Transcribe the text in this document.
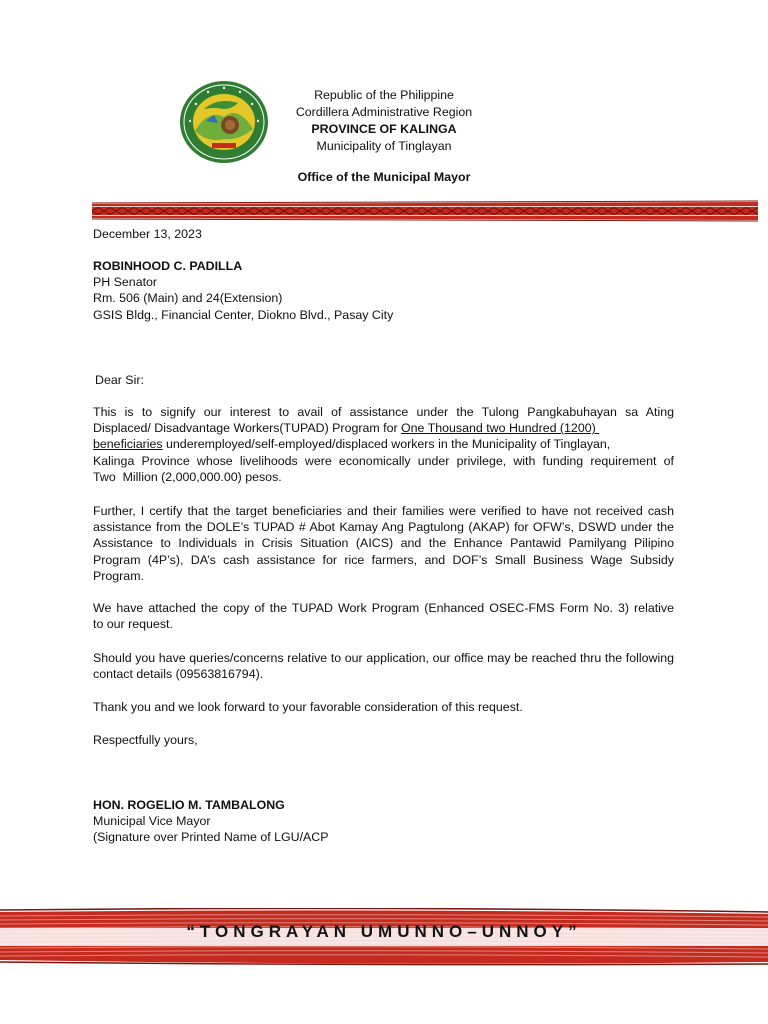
Republic of the Philippine
Cordillera Administrative Region
PROVINCE OF KALINGA
Municipality of Tinglayan
Office of the Municipal Mayor
December 13, 2023
ROBINHOOD C. PADILLA
PH Senator
Rm. 506 (Main) and 24(Extension)
GSIS Bldg., Financial Center, Diokno Blvd., Pasay City
Dear Sir:
This is to signify our interest to avail of assistance under the Tulong Pangkabuhayan sa Ating
Displaced/ Disadvantage Workers(TUPAD) Program for One Thousand two Hundred (1200)
beneficiaries underemployed/self-employed/displaced workers in the Municipality of Tinglayan,
Kalinga Province whose livelihoods were economically under privilege, with funding requirement of
Two  Million (2,000,000.00) pesos.
Further, I certify that the target beneficiaries and their families were verified to have not received cash assistance from the DOLE’s TUPAD # Abot Kamay Ang Pagtulong (AKAP) for OFW’s, DSWD under the Assistance to Individuals in Crisis Situation (AICS) and the Enhance Pantawid Pamilyang Pilipino Program (4P’s), DA’s cash assistance for rice farmers, and DOF’s Small Business Wage Subsidy Program.
We have attached the copy of the TUPAD Work Program (Enhanced OSEC-FMS Form No. 3) relative
to our request.
Should you have queries/concerns relative to our application, our office may be reached thru the following contact details (09563816794).
Thank you and we look forward to your favorable consideration of this request.
Respectfully yours,
HON. ROGELIO M. TAMBALONG
Municipal Vice Mayor
(Signature over Printed Name of LGU/ACP
“TONGRAYAN UMUNNO–UNNOY”
